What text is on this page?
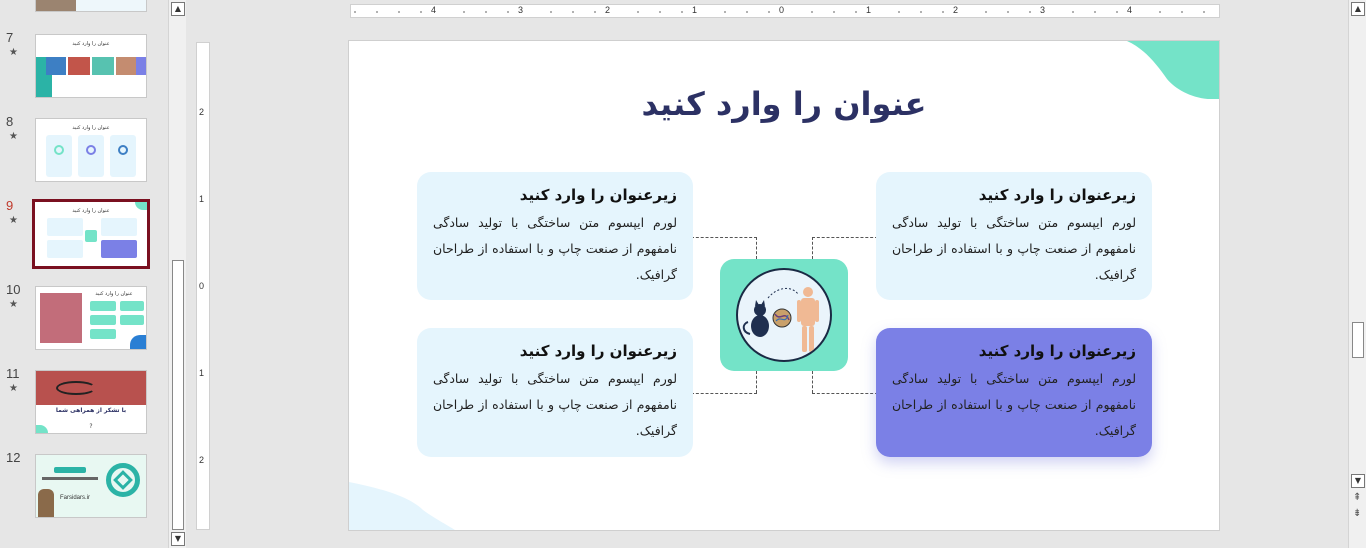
7
★
عنوان را وارد کنید
8
★
عنوان را وارد کنید
9
★
عنوان را وارد کنید
10
★
عنوان را وارد کنید
11
★
با تشکر از همراهی شما
?
12
Farsidars.ir
▲
▼
4	3	2	1	0	1	2	3	4
2
1
0
1
2
عنوان را وارد کنید
زیرعنوان را وارد کنید
لورم ایپسوم متن ساختگی با تولید سادگی نامفهوم از صنعت چاپ و با استفاده از طراحان گرافیک.
زیرعنوان را وارد کنید
لورم ایپسوم متن ساختگی با تولید سادگی نامفهوم از صنعت چاپ و با استفاده از طراحان گرافیک.
زیرعنوان را وارد کنید
لورم ایپسوم متن ساختگی با تولید سادگی نامفهوم از صنعت چاپ و با استفاده از طراحان گرافیک.
زیرعنوان را وارد کنید
لورم ایپسوم متن ساختگی با تولید سادگی نامفهوم از صنعت چاپ و با استفاده از طراحان گرافیک.
▲
▼
⇞
⇟
